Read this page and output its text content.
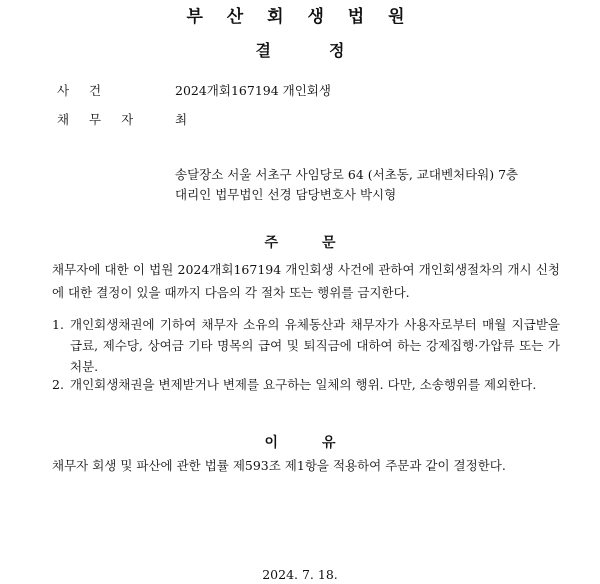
부 산 회 생 법 원
결	정
사 건	2024개회167194 개인회생
채 무 자	최
송달장소 서울 서초구 사임당로 64 (서초동, 교대벤처타워) 7층
대리인 법무법인 선경 담당변호사 박시형
주	문
채무자에 대한 이 법원 2024개회167194 개인회생 사건에 관하여 개인회생절차의 개시 신청에 대한 결정이 있을 때까지 다음의 각 절차 또는 행위를 금지한다.
1. 개인회생채권에 기하여 채무자 소유의 유체동산과 채무자가 사용자로부터 매월 지급받을 급료, 제수당, 상여금 기타 명목의 급여 및 퇴직금에 대하여 하는 강제집행·가압류 또는 가처분.
2. 개인회생채권을 변제받거나 변제를 요구하는 일체의 행위. 다만, 소송행위를 제외한다.
이	유
채무자 회생 및 파산에 관한 법률 제593조 제1항을 적용하여 주문과 같이 결정한다.
2024. 7. 18.
